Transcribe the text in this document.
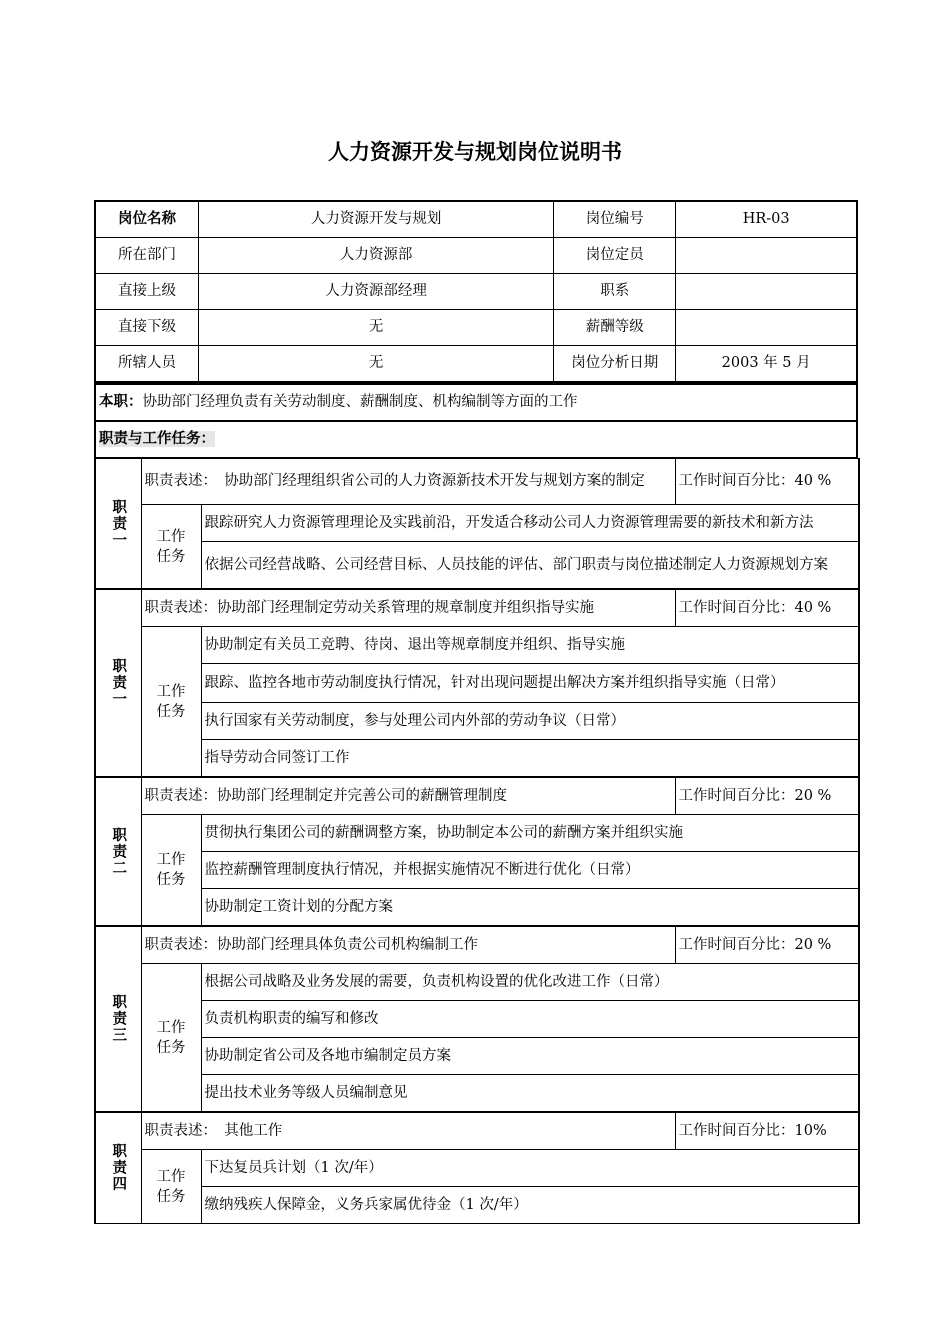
人力资源开发与规划岗位说明书
岗位名称	人力资源开发与规划	岗位编号	HR-03
所在部门	人力资源部	岗位定员	
直接上级	人力资源部经理	职系	
直接下级	无	薪酬等级	
所辖人员	无	岗位分析日期	2003 年 5 月
本职：协助部门经理负责有关劳动制度、薪酬制度、机构编制等方面的工作
职责与工作任务：
职责一	职责表述：　协助部门经理组织省公司的人力资源新技术开发与规划方案的制定		工作时间百分比：40 %
	工作任务	跟踪研究人力资源管理理论及实践前沿，开发适合移动公司人力资源管理需要的新技术和新方法	
		依据公司经营战略、公司经营目标、人员技能的评估、部门职责与岗位描述制定人力资源规划方案	
职责一	职责表述：协助部门经理制定劳动关系管理的规章制度并组织指导实施		工作时间百分比：40 %
	工作任务	协助制定有关员工竞聘、待岗、退出等规章制度并组织、指导实施	
		跟踪、监控各地市劳动制度执行情况，针对出现问题提出解决方案并组织指导实施（日常）	
		执行国家有关劳动制度，参与处理公司内外部的劳动争议（日常）	
		指导劳动合同签订工作	
职责二	职责表述：协助部门经理制定并完善公司的薪酬管理制度		工作时间百分比：20 %
	工作任务	贯彻执行集团公司的薪酬调整方案，协助制定本公司的薪酬方案并组织实施	
		监控薪酬管理制度执行情况，并根据实施情况不断进行优化（日常）	
		协助制定工资计划的分配方案	
职责三	职责表述：协助部门经理具体负责公司机构编制工作		工作时间百分比：20 %
	工作任务	根据公司战略及业务发展的需要，负责机构设置的优化改进工作（日常）	
		负责机构职责的编写和修改	
		协助制定省公司及各地市编制定员方案	
		提出技术业务等级人员编制意见	
职责四	职责表述：　其他工作		工作时间百分比：10%
	工作任务	下达复员兵计划（1 次/年）	
		缴纳残疾人保障金，义务兵家属优待金（1 次/年）	
